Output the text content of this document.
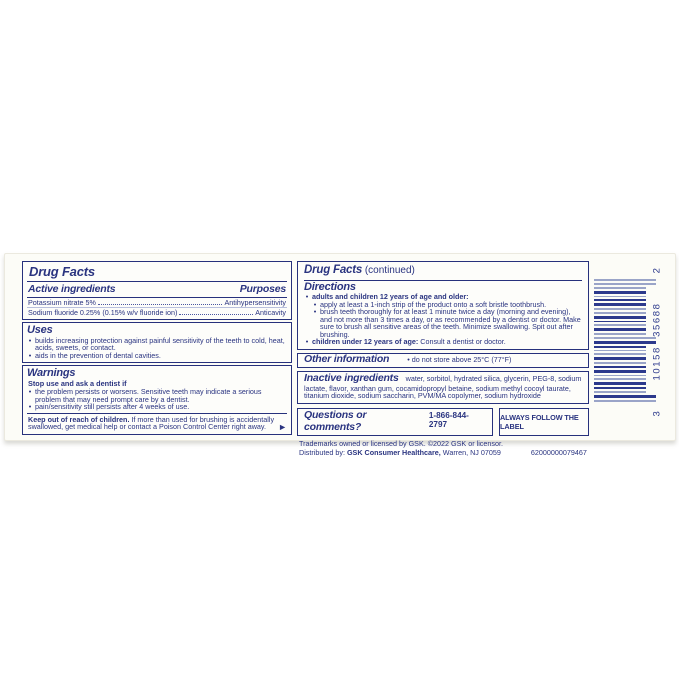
Drug Facts
Active ingredients	Purposes
Potassium nitrate 5%	Antihypersensitivity
Sodium fluoride 0.25% (0.15% w/v fluoride ion)	Anticavity
Uses
• builds increasing protection against painful sensitivity of the teeth to cold, heat, acids, sweets, or contact.
• aids in the prevention of dental cavities.
Warnings
Stop use and ask a dentist if
• the problem persists or worsens. Sensitive teeth may indicate a serious problem that may need prompt care by a dentist.
• pain/sensitivity still persists after 4 weeks of use.
Keep out of reach of children. If more than used for brushing is accidentally swallowed, get medical help or contact a Poison Control Center right away. ►
Drug Facts (continued)
Directions
• adults and children 12 years of age and older:
• apply at least a 1-inch strip of the product onto a soft bristle toothbrush.
• brush teeth thoroughly for at least 1 minute twice a day (morning and evening), and not more than 3 times a day, or as recommended by a dentist or doctor. Make sure to brush all sensitive areas of the teeth. Minimize swallowing. Spit out after brushing.
• children under 12 years of age: Consult a dentist or doctor.
Other information	• do not store above 25°C (77°F)
Inactive ingredients water, sorbitol, hydrated silica, glycerin, PEG-8, sodium lactate, flavor, xanthan gum, cocamidopropyl betaine, sodium methyl cocoyl taurate, titanium dioxide, sodium saccharin, PVM/MA copolymer, sodium hydroxide
Questions or comments?
1-866-844-2797
ALWAYS FOLLOW THE LABEL
Trademarks owned or licensed by GSK. ©2022 GSK or licensor.
Distributed by: GSK Consumer Healthcare, Warren, NJ 07059	62000000079467
3
10158 35688
2
